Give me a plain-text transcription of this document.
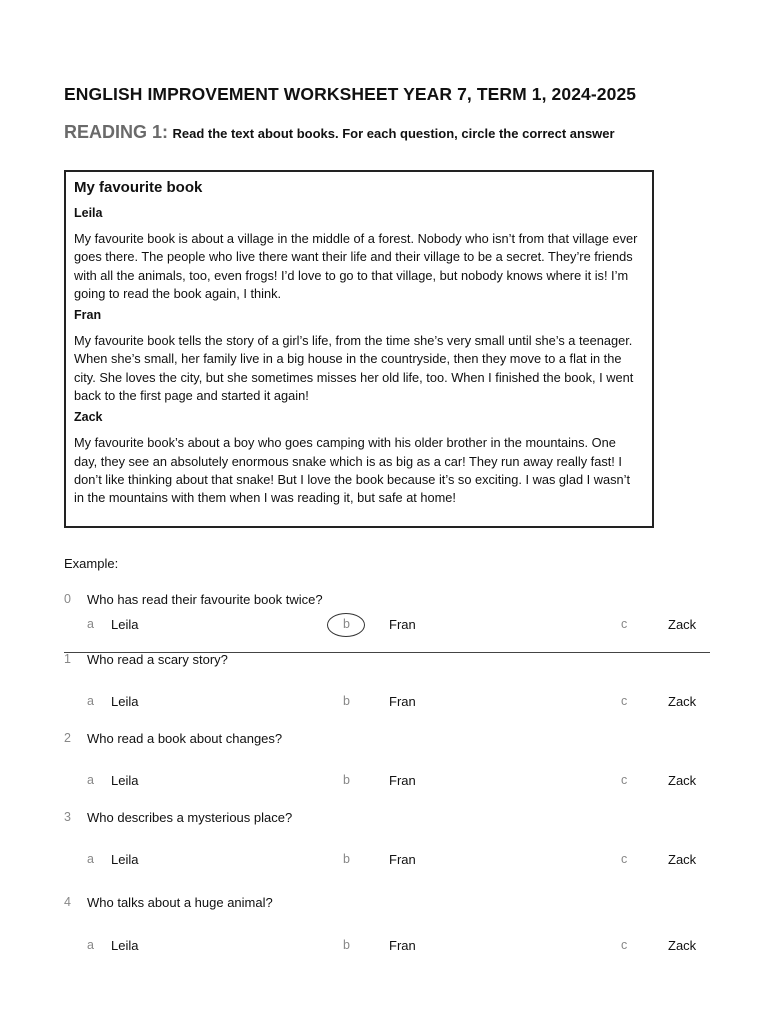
ENGLISH IMPROVEMENT WORKSHEET YEAR 7, TERM 1, 2024-2025
READING 1: Read the text about books. For each question, circle the correct answer
My favourite book
Leila
My favourite book is about a village in the middle of a forest. Nobody who isn’t from that village ever goes there. The people who live there want their life and their village to be a secret. They’re friends with all the animals, too, even frogs! I’d love to go to that village, but nobody knows where it is! I’m going to read the book again, I think.
Fran
My favourite book tells the story of a girl’s life, from the time she’s very small until she’s a teenager. When she’s small, her family live in a big house in the countryside, then they move to a flat in the city. She loves the city, but she sometimes misses her old life, too. When I finished the book, I went back to the first page and started it again!
Zack
My favourite book’s about a boy who goes camping with his older brother in the mountains. One day, they see an absolutely enormous snake which is as big as a car! They run away really fast! I don’t like thinking about that snake! But I love the book because it’s so exciting. I was glad I wasn’t in the mountains with them when I was reading it, but safe at home!
Example:
0 Who has read their favourite book twice?
a Leila	b	Fran	c	Zack
1 Who read a scary story?
a Leila	b	Fran	c	Zack
2 Who read a book about changes?
a Leila	b	Fran	c	Zack
3 Who describes a mysterious place?
a Leila	b	Fran	c	Zack
4 Who talks about a huge animal?
a Leila	b	Fran	c	Zack
